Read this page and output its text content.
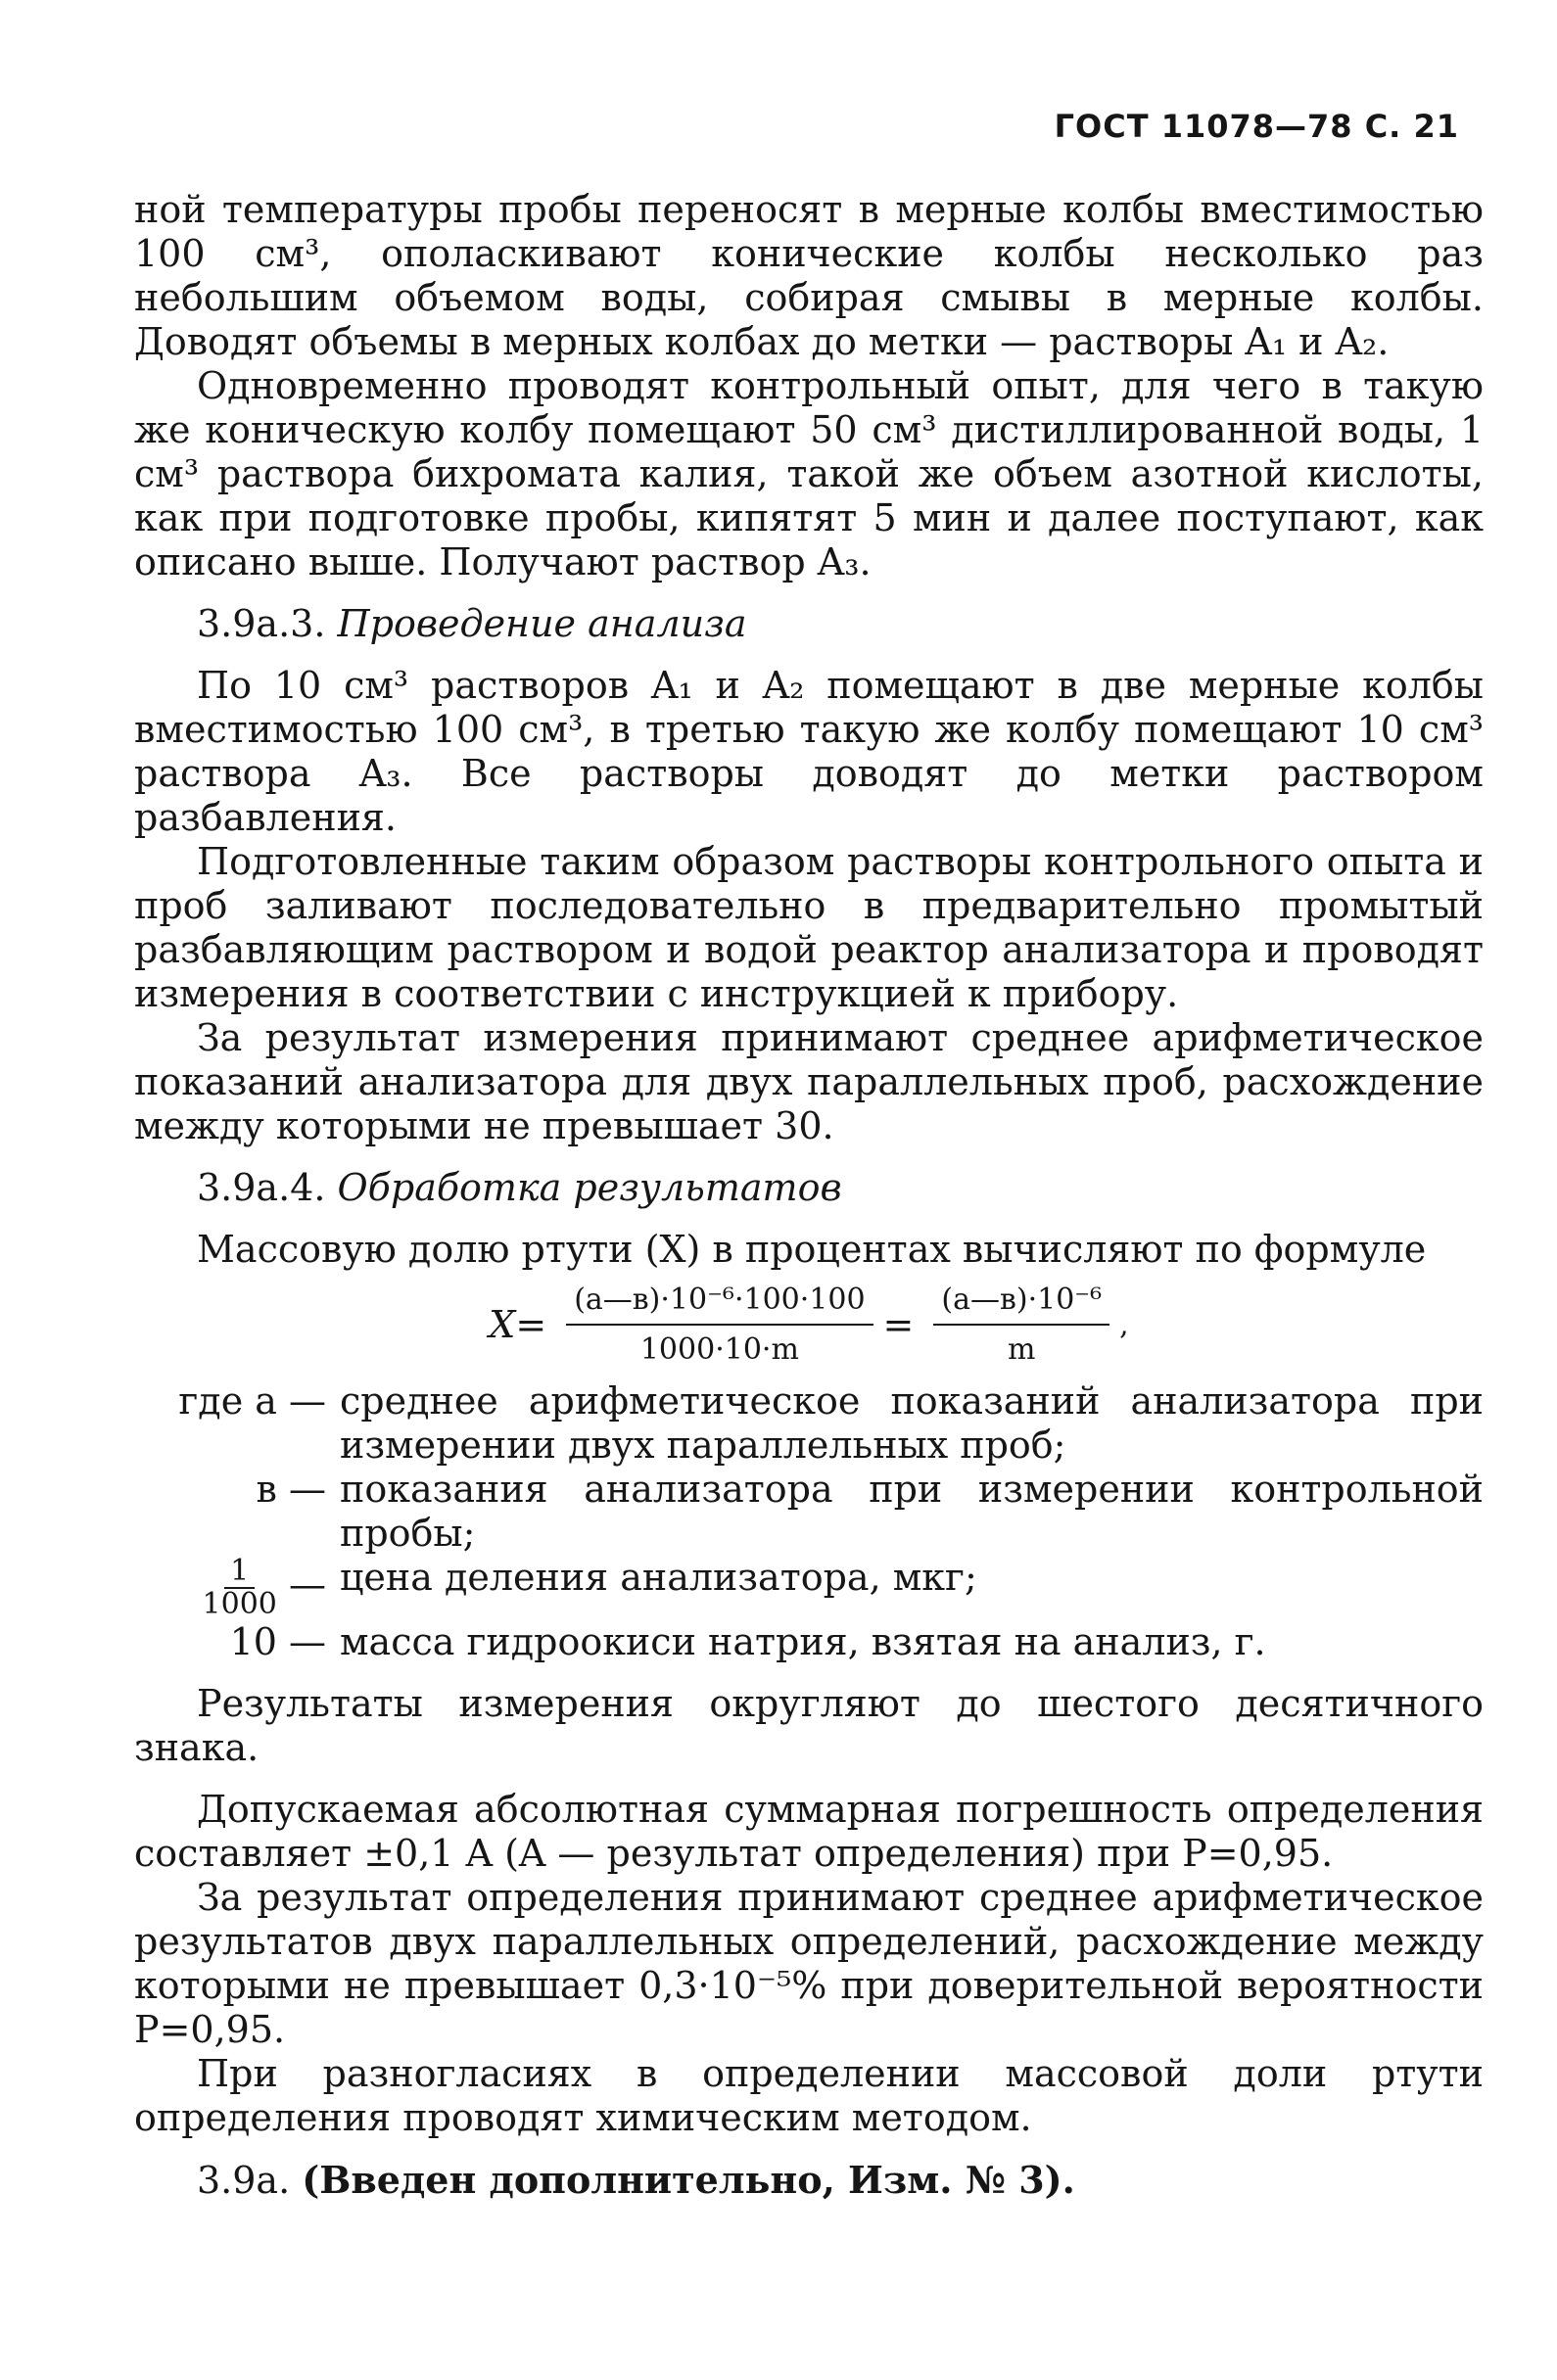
ГОСТ 11078—78 С. 21

ной температуры пробы переносят в мерные колбы вместимостью 100 см³, ополаскивают конические колбы несколько раз небольшим объемом воды, собирая смывы в мерные колбы. Доводят объемы в мерных колбах до метки — растворы A₁ и A₂.

Одновременно проводят контрольный опыт, для чего в такую же коническую колбу помещают 50 см³ дистиллированной воды, 1 см³ раствора бихромата калия, такой же объем азотной кислоты, как при подготовке пробы, кипятят 5 мин и далее поступают, как описано выше. Получают раствор A₃.

3.9а.3. Проведение анализа

По 10 см³ растворов A₁ и A₂ помещают в две мерные колбы вместимостью 100 см³, в третью такую же колбу помещают 10 см³ раствора A₃. Все растворы доводят до метки раствором разбавления.

Подготовленные таким образом растворы контрольного опыта и проб заливают последовательно в предварительно промытый разбавляющим раствором и водой реактор анализатора и проводят измерения в соответствии с инструкцией к прибору.

За результат измерения принимают среднее арифметическое показаний анализатора для двух параллельных проб, расхождение между которыми не превышает 30.

3.9а.4. Обработка результатов

Массовую долю ртути (X) в процентах вычисляют по формуле

$X= \frac{\text{(а—в)·10⁻⁶·100·100}}{1000\cdot 10\cdot m} = \frac{\text{(а—в)·10⁻⁶}}{m}$ ,
где а — среднее арифметическое показаний анализатора при измерении двух параллельных проб;
в — показания анализатора при измерении контрольной пробы;
$\frac{1}{1000}$ — цена деления анализатора, мкг;
10 — масса гидроокиси натрия, взятая на анализ, г.

Результаты измерения округляют до шестого десятичного знака.

Допускаемая абсолютная суммарная погрешность определения составляет ±0,1 A (A — результат определения) при P=0,95.

За результат определения принимают среднее арифметическое результатов двух параллельных определений, расхождение между которыми не превышает 0,3·10⁻⁵% при доверительной вероятности P=0,95.

При разногласиях в определении массовой доли ртути определения проводят химическим методом.

3.9а. (Введен дополнительно, Изм. № 3).
